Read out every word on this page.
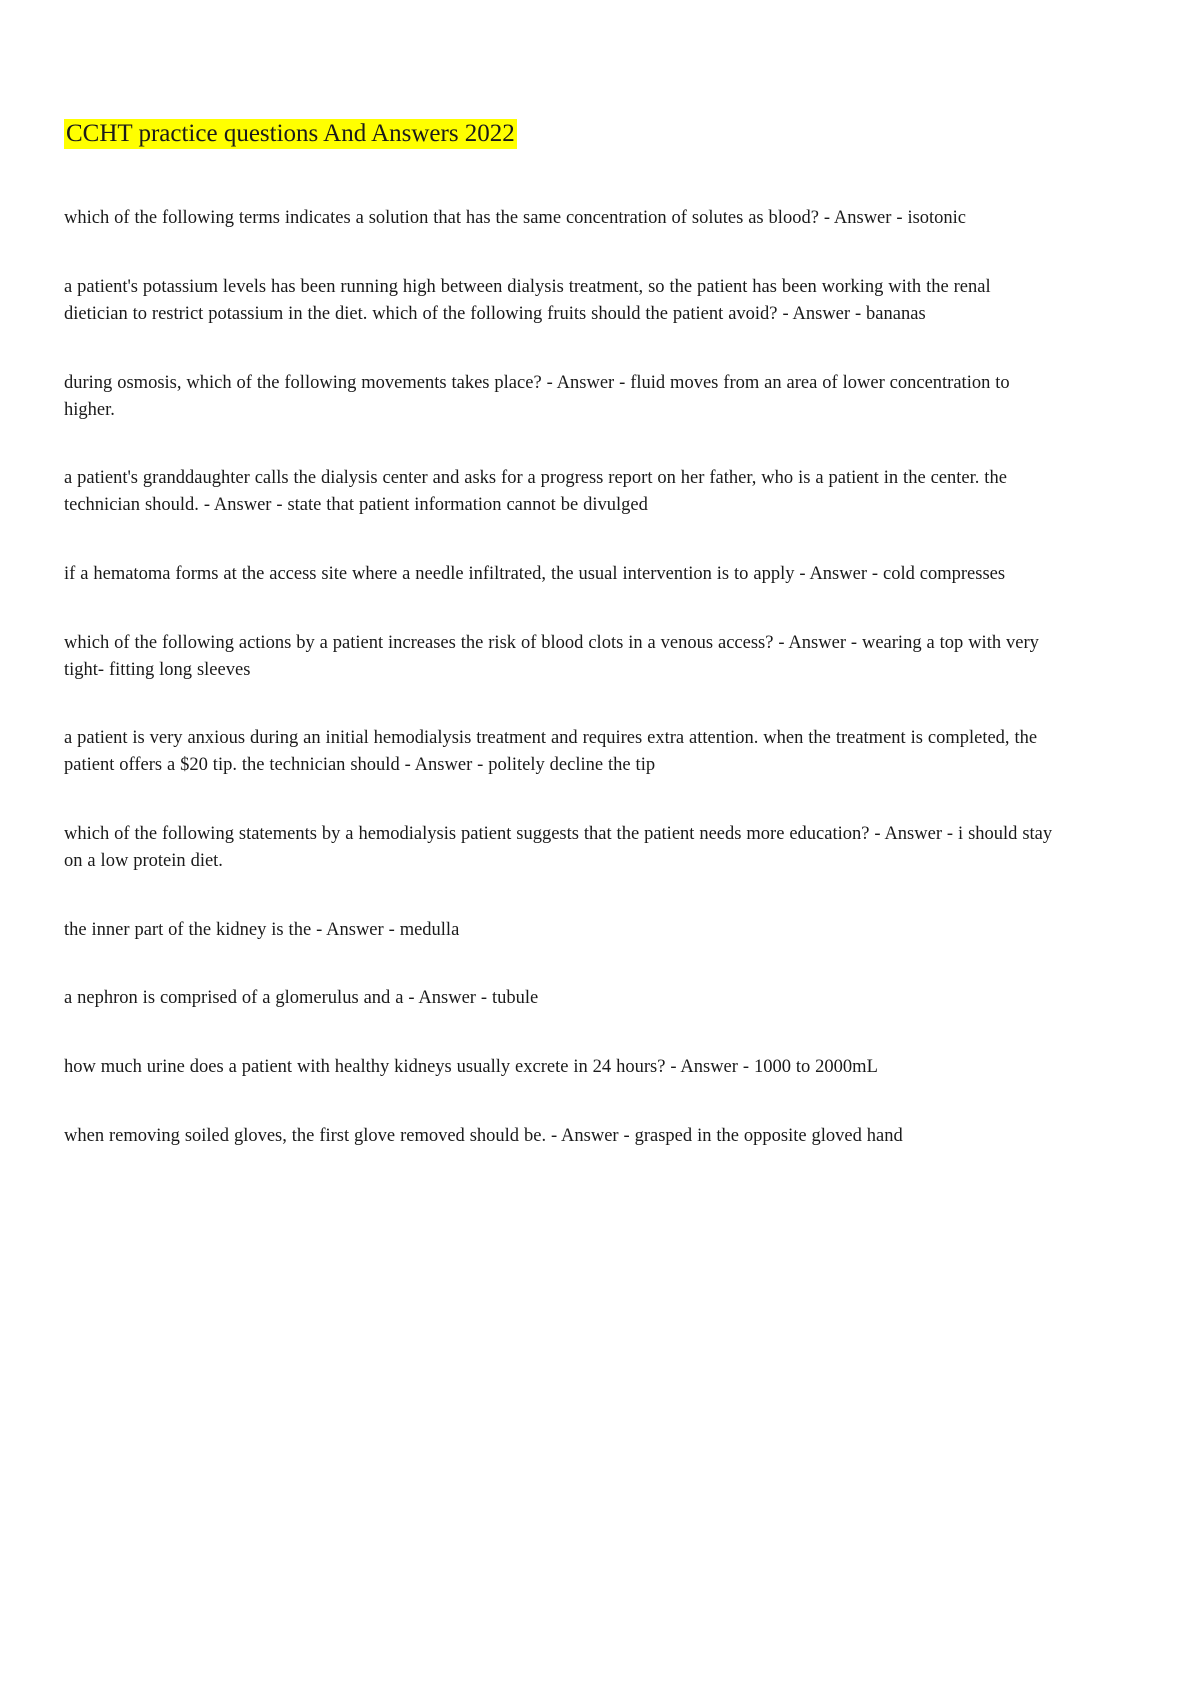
CCHT practice questions And Answers 2022
which of the following terms indicates a solution that has the same concentration of solutes as blood? - Answer - isotonic
a patient's potassium levels has been running high between dialysis treatment, so the patient has been working with the renal dietician to restrict potassium in the diet. which of the following fruits should the patient avoid? - Answer - bananas
during osmosis, which of the following movements takes place? - Answer - fluid moves from an area of lower concentration to higher.
a patient's granddaughter calls the dialysis center and asks for a progress report on her father, who is a patient in the center. the technician should. - Answer - state that patient information cannot be divulged
if a hematoma forms at the access site where a needle infiltrated, the usual intervention is to apply - Answer - cold compresses
which of the following actions by a patient increases the risk of blood clots in a venous access? - Answer - wearing a top with very tight- fitting long sleeves
a patient is very anxious during an initial hemodialysis treatment and requires extra attention. when the treatment is completed, the patient offers a $20 tip. the technician should - Answer - politely decline the tip
which of the following statements by a hemodialysis patient suggests that the patient needs more education? - Answer - i should stay on a low protein diet.
the inner part of the kidney is the - Answer - medulla
a nephron is comprised of a glomerulus and a - Answer - tubule
how much urine does a patient with healthy kidneys usually excrete in 24 hours? - Answer - 1000 to 2000mL
when removing soiled gloves, the first glove removed should be. - Answer - grasped in the opposite gloved hand
